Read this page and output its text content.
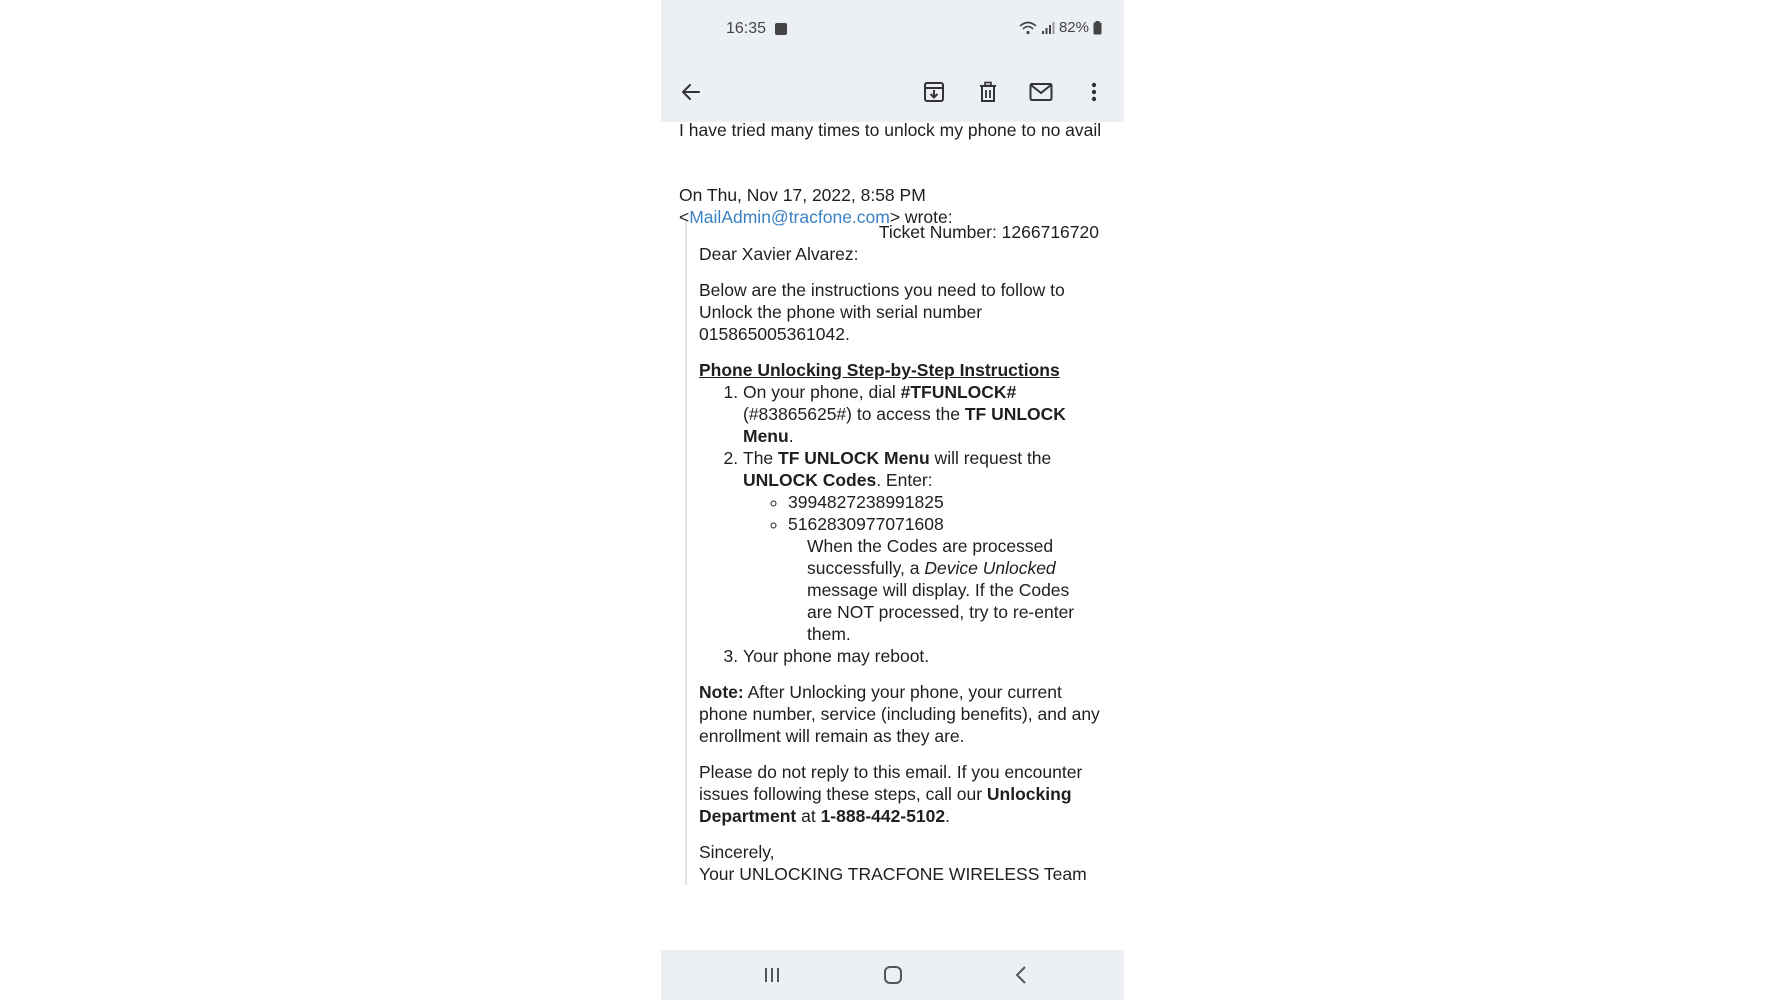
16:35	82%

I have tried many times to unlock my phone to no avail

On Thu, Nov 17, 2022, 8:58 PM <MailAdmin@tracfone.com> wrote:

Ticket Number: 1266716720

Dear Xavier Alvarez:

Below are the instructions you need to follow to Unlock the phone with serial number 015865005361042.

Phone Unlocking Step-by-Step Instructions

1. On your phone, dial #TFUNLOCK# (#83865625#) to access the TF UNLOCK Menu.
2. The TF UNLOCK Menu will request the UNLOCK Codes. Enter:
◦ 3994827238991825
◦ 5162830977071608

When the Codes are processed successfully, a Device Unlocked message will display. If the Codes are NOT processed, try to re-enter them.

3. Your phone may reboot.

Note: After Unlocking your phone, your current phone number, service (including benefits), and any enrollment will remain as they are.

Please do not reply to this email. If you encounter issues following these steps, call our Unlocking Department at 1-888-442-5102.

Sincerely,

Your UNLOCKING TRACFONE WIRELESS Team
